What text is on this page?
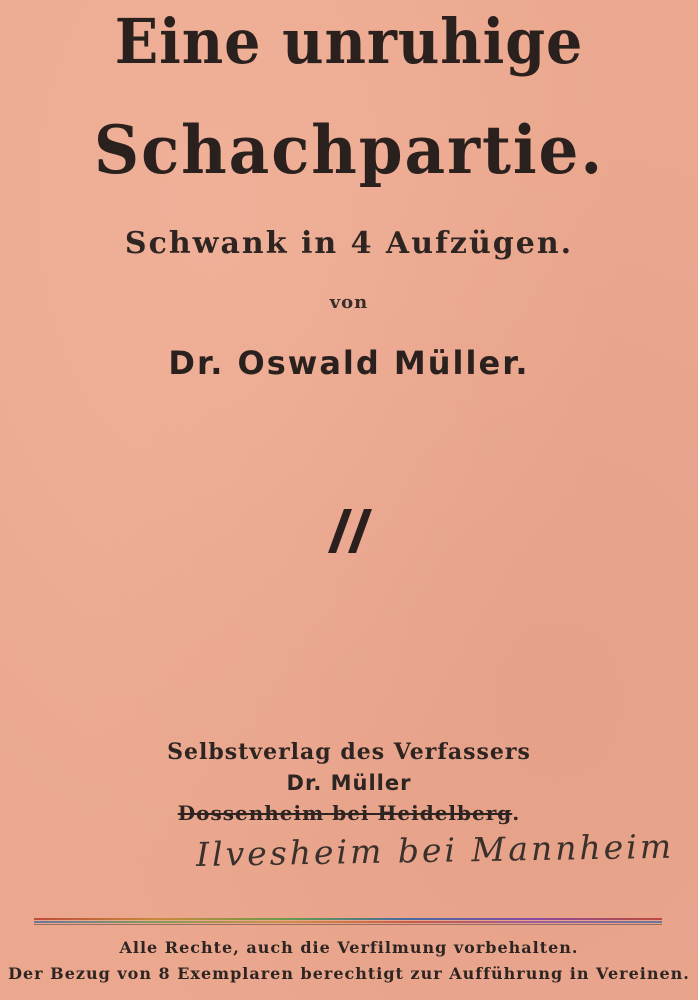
Eine unruhige
Schachpartie.
Schwank in 4 Aufzügen.
von
Dr. Oswald Müller.
Selbstverlag des Verfassers
Dr. Müller
Dossenheim bei Heidelberg.
Ilvesheim bei Mannheim
Alle Rechte, auch die Verfilmung vorbehalten.
Der Bezug von 8 Exemplaren berechtigt zur Aufführung in Vereinen.
